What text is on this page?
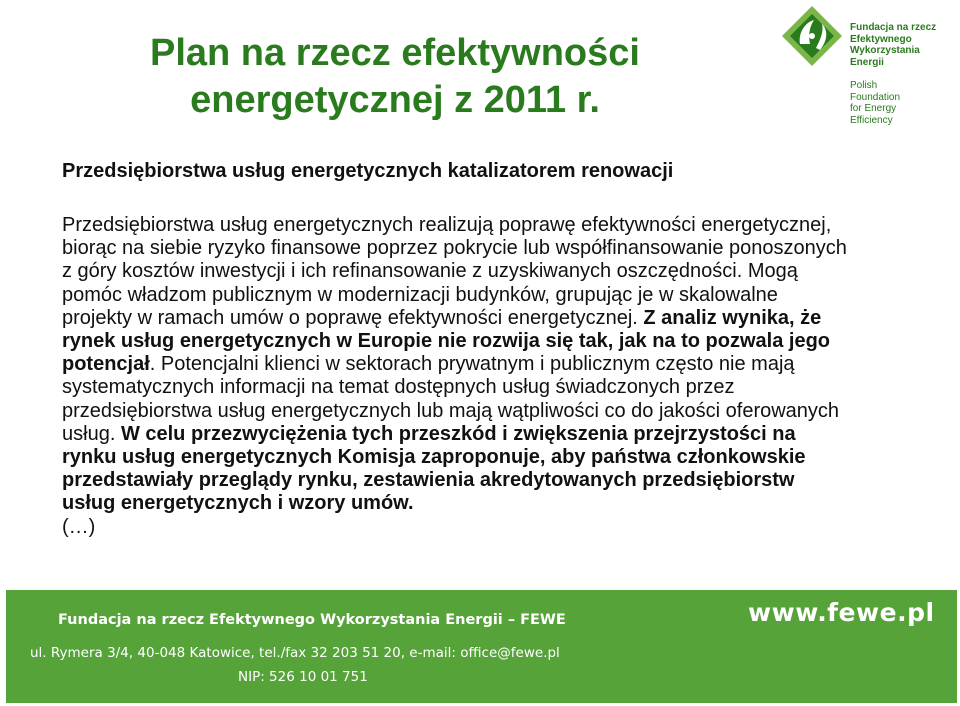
Plan na rzecz efektywności
energetycznej z 2011 r.
Fundacja na rzecz
Efektywnego
Wykorzystania
Energii
Polish
Foundation
for Energy
Efficiency
Przedsiębiorstwa usług energetycznych katalizatorem renowacji
Przedsiębiorstwa usług energetycznych realizują poprawę efektywności energetycznej, biorąc na siebie ryzyko finansowe poprzez pokrycie lub współfinansowanie ponoszonych z góry kosztów inwestycji i ich refinansowanie z uzyskiwanych oszczędności. Mogą pomóc władzom publicznym w modernizacji budynków, grupując je w skalowalne projekty w ramach umów o poprawę efektywności energetycznej. Z analiz wynika, że rynek usług energetycznych w Europie nie rozwija się tak, jak na to pozwala jego potencjał. Potencjalni klienci w sektorach prywatnym i publicznym często nie mają systematycznych informacji na temat dostępnych usług świadczonych przez przedsiębiorstwa usług energetycznych lub mają wątpliwości co do jakości oferowanych usług. W celu przezwyciężenia tych przeszkód i zwiększenia przejrzystości na rynku usług energetycznych Komisja zaproponuje, aby państwa członkowskie przedstawiały przeglądy rynku, zestawienia akredytowanych przedsiębiorstw usług energetycznych i wzory umów.
(…)
Fundacja na rzecz Efektywnego Wykorzystania Energii – FEWE
ul. Rymera 3/4, 40-048 Katowice, tel./fax 32 203 51 20, e-mail: office@fewe.pl
NIP: 526 10 01 751
www.fewe.pl
